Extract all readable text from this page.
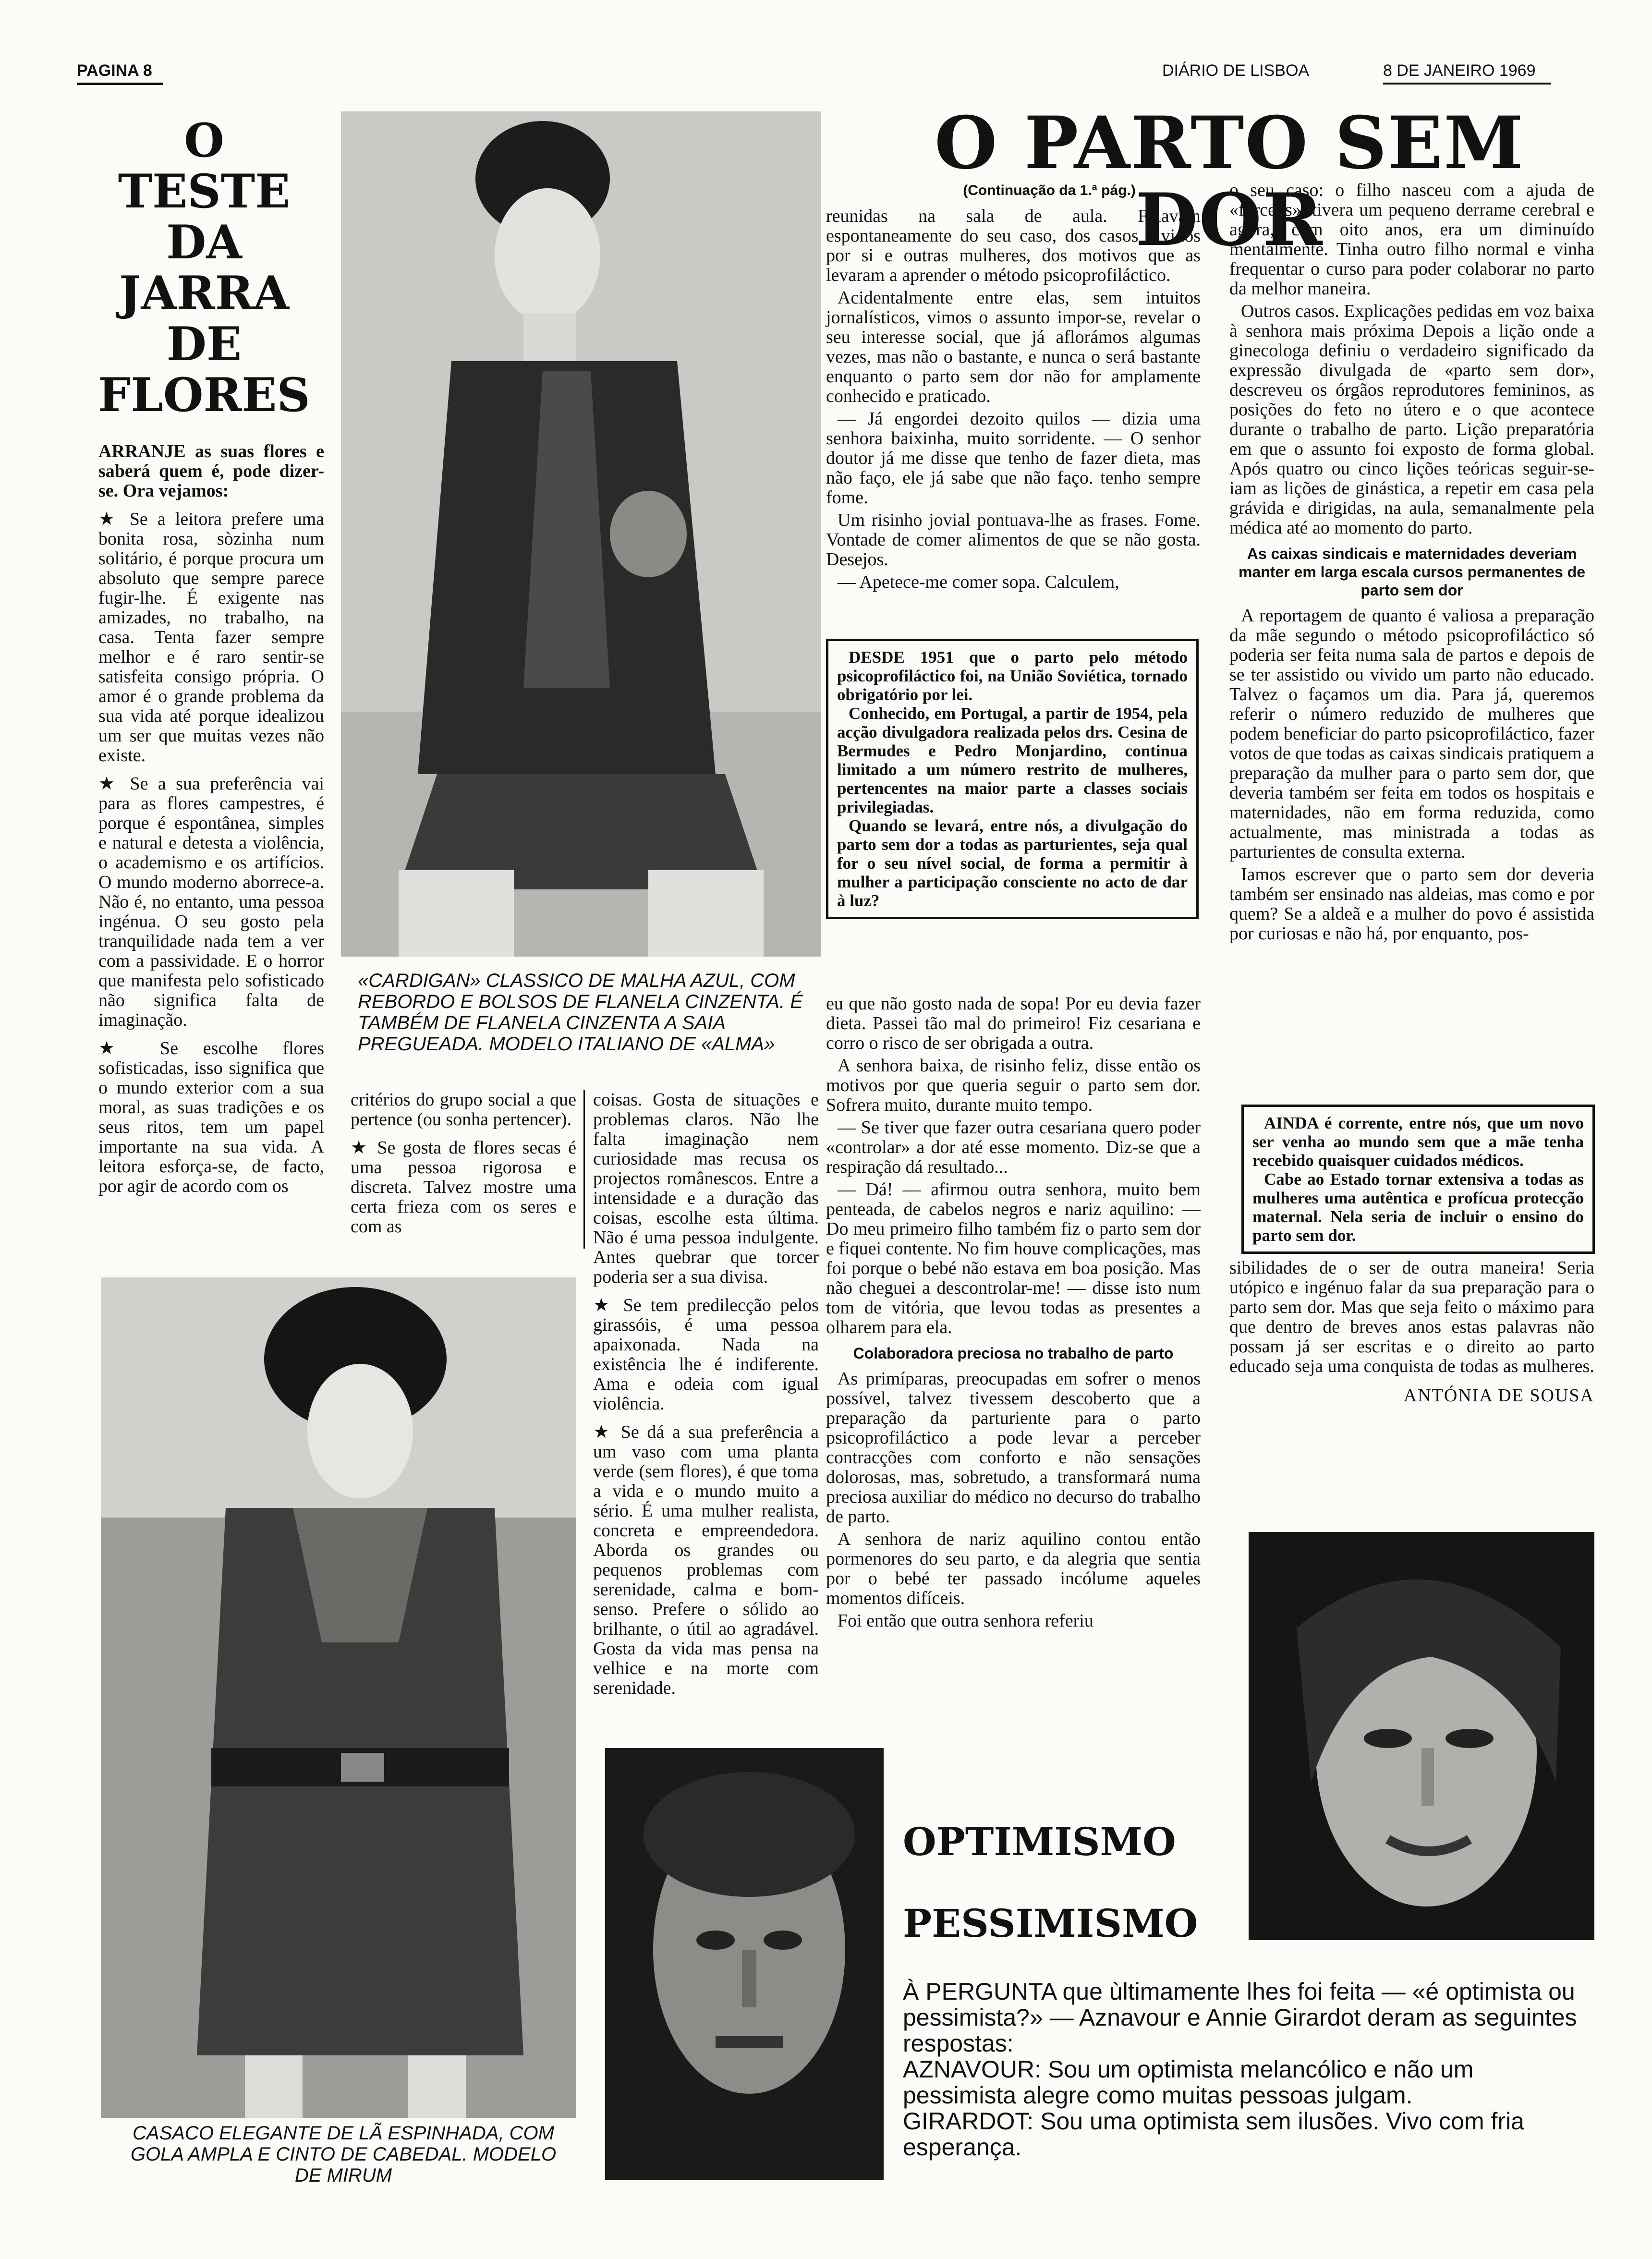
PAGINA 8	DIÁRIO DE LISBOA	8 DE JANEIRO 1969
O
TESTE
DA
JARRA
DE
FLORES

ARRANJE as suas flores e saberá quem é, pode dizer-se. Ora vejamos:

★ Se a leitora prefere uma bonita rosa, sòzinha num solitário, é porque procura um absoluto que sempre parece fugir-lhe. É exigente nas amizades, no trabalho, na casa. Tenta fazer sempre melhor e é raro sentir-se satisfeita consigo própria. O amor é o grande problema da sua vida até porque idealizou um ser que muitas vezes não existe.

★ Se a sua preferência vai para as flores campestres, é porque é espontânea, simples e natural e detesta a violência, o academismo e os artifícios. O mundo moderno aborrece-a. Não é, no entanto, uma pessoa ingénua. O seu gosto pela tranquilidade nada tem a ver com a passividade. E o horror que manifesta pelo sofisticado não significa falta de imaginação.

★ Se escolhe flores sofisticadas, isso significa que o mundo exterior com a sua moral, as suas tradições e os seus ritos, tem um papel importante na sua vida. A leitora esforça-se, de facto, por agir de acordo com os

«CARDIGAN» CLASSICO DE MALHA AZUL, COM REBORDO E BOLSOS DE FLANELA CINZENTA. É TAMBÉM DE FLANELA CINZENTA A SAIA PREGUEADA. MODELO ITALIANO DE «ALMA»

critérios do grupo social a que pertence (ou sonha pertencer).

★ Se gosta de flores secas é uma pessoa rigorosa e discreta. Talvez mostre uma certa frieza com os seres e com as

coisas. Gosta de situações e problemas claros. Não lhe falta imaginação nem curiosidade mas recusa os projectos românescos. Entre a intensidade e a duração das coisas, escolhe esta última. Não é uma pessoa indulgente. Antes quebrar que torcer poderia ser a sua divisa.

★ Se tem predilecção pelos girassóis, é uma pessoa apaixonada. Nada na existência lhe é indiferente. Ama e odeia com igual violência.

★ Se dá a sua preferência a um vaso com uma planta verde (sem flores), é que toma a vida e o mundo muito a sério. É uma mulher realista, concreta e empreendedora. Aborda os grandes ou pequenos problemas com serenidade, calma e bom-senso. Prefere o sólido ao brilhante, o útil ao agradável. Gosta da vida mas pensa na velhice e na morte com serenidade.

CASACO ELEGANTE DE LÃ ESPINHADA, COM GOLA AMPLA E CINTO DE CABEDAL. MODELO DE MIRUM
O PARTO SEM DOR
(Continuação da 1.ª pág.)

reunidas na sala de aula. Falavam espontaneamente do seu caso, dos casos vividos por si e outras mulheres, dos motivos que as levaram a aprender o método psicoprofiláctico.

Acidentalmente entre elas, sem intuitos jornalísticos, vimos o assunto impor-se, revelar o seu interesse social, que já aflorámos algumas vezes, mas não o bastante, e nunca o será bastante enquanto o parto sem dor não for amplamente conhecido e praticado.

— Já engordei dezoito quilos — dizia uma senhora baixinha, muito sorridente. — O senhor doutor já me disse que tenho de fazer dieta, mas não faço, ele já sabe que não faço. tenho sempre fome.

Um risinho jovial pontuava-lhe as frases. Fome. Vontade de comer alimentos de que se não gosta. Desejos.

— Apetece-me comer sopa. Calculem,

DESDE 1951 que o parto pelo método psicoprofiláctico foi, na União Soviética, tornado obrigatório por lei.

Conhecido, em Portugal, a partir de 1954, pela acção divulgadora realizada pelos drs. Cesina de Bermudes e Pedro Monjardino, continua limitado a um número restrito de mulheres, pertencentes na maior parte a classes sociais privilegiadas.

Quando se levará, entre nós, a divulgação do parto sem dor a todas as parturientes, seja qual for o seu nível social, de forma a permitir à mulher a participação consciente no acto de dar à luz?

eu que não gosto nada de sopa! Por eu devia fazer dieta. Passei tão mal do primeiro! Fiz cesariana e corro o risco de ser obrigada a outra.

A senhora baixa, de risinho feliz, disse então os motivos por que queria seguir o parto sem dor. Sofrera muito, durante muito tempo.

— Se tiver que fazer outra cesariana quero poder «controlar» a dor até esse momento. Diz-se que a respiração dá resultado...

— Dá! — afirmou outra senhora, muito bem penteada, de cabelos negros e nariz aquilino: — Do meu primeiro filho também fiz o parto sem dor e fiquei contente. No fim houve complicações, mas foi porque o bebé não estava em boa posição. Mas não cheguei a descontrolar-me! — disse isto num tom de vitória, que levou todas as presentes a olharem para ela.

Colaboradora preciosa no trabalho de parto

As primíparas, preocupadas em sofrer o menos possível, talvez tivessem descoberto que a preparação da parturiente para o parto psicoprofiláctico a pode levar a perceber contracções com conforto e não sensações dolorosas, mas, sobretudo, a transformará numa preciosa auxiliar do médico no decurso do trabalho de parto.

A senhora de nariz aquilino contou então pormenores do seu parto, e da alegria que sentia por o bebé ter passado incólume aqueles momentos difíceis.

Foi então que outra senhora referiu

o seu caso: o filho nasceu com a ajuda de «forceps», tivera um pequeno derrame cerebral e agora, com oito anos, era um diminuído mentalmente. Tinha outro filho normal e vinha frequentar o curso para poder colaborar no parto da melhor maneira.

Outros casos. Explicações pedidas em voz baixa à senhora mais próxima Depois a lição onde a ginecologa definiu o verdadeiro significado da expressão divulgada de «parto sem dor», descreveu os órgãos reprodutores femininos, as posições do feto no útero e o que acontece durante o trabalho de parto. Lição preparatória em que o assunto foi exposto de forma global. Após quatro ou cinco lições teóricas seguir-se-iam as lições de ginástica, a repetir em casa pela grávida e dirigidas, na aula, semanalmente pela médica até ao momento do parto.

As caixas sindicais e maternidades deveriam manter em larga escala cursos permanentes de parto sem dor

A reportagem de quanto é valiosa a preparação da mãe segundo o método psicoprofiláctico só poderia ser feita numa sala de partos e depois de se ter assistido ou vivido um parto não educado. Talvez o façamos um dia. Para já, queremos referir o número reduzido de mulheres que podem beneficiar do parto psicoprofiláctico, fazer votos de que todas as caixas sindicais pratiquem a preparação da mulher para o parto sem dor, que deveria também ser feita em todos os hospitais e maternidades, não em forma reduzida, como actualmente, mas ministrada a todas as parturientes de consulta externa.

Iamos escrever que o parto sem dor deveria também ser ensinado nas aldeias, mas como e por quem? Se a aldeã e a mulher do povo é assistida por curiosas e não há, por enquanto, pos-

AINDA é corrente, entre nós, que um novo ser venha ao mundo sem que a mãe tenha recebido quaisquer cuidados médicos.

Cabe ao Estado tornar extensiva a todas as mulheres uma autêntica e profícua protecção maternal. Nela seria de incluir o ensino do parto sem dor.

sibilidades de o ser de outra maneira! Seria utópico e ingénuo falar da sua preparação para o parto sem dor. Mas que seja feito o máximo para que dentro de breves anos estas palavras não possam já ser escritas e o direito ao parto educado seja uma conquista de todas as mulheres.

ANTÓNIA DE SOUSA
OPTIMISMO
PESSIMISMO
À PERGUNTA que ùltimamente lhes foi feita — «é optimista ou pessimista?» — Aznavour e Annie Girardot deram as seguintes respostas:
AZNAVOUR: Sou um optimista melancólico e não um pessimista alegre como muitas pessoas julgam.
GIRARDOT: Sou uma optimista sem ilusões. Vivo com fria esperança.
